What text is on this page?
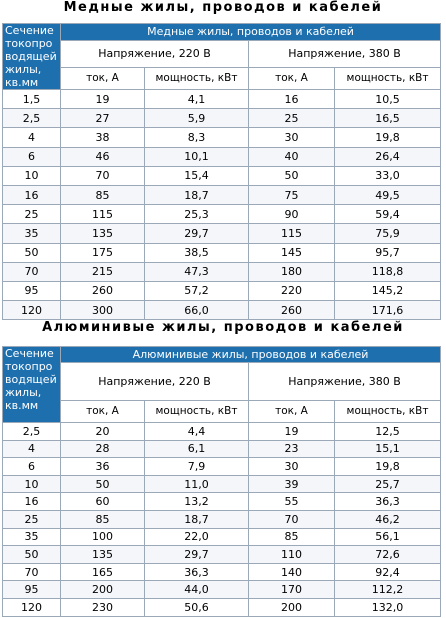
Медные жилы, проводов и кабелей
Сечение токопро водящей жилы, кв.мм	Медные жилы, проводов и кабелей			
	Напряжение, 220 В		Напряжение, 380 В	
	ток, А	мощность, кВт	ток, А	мощность, кВт
1,5	19	4,1	16	10,5
2,5	27	5,9	25	16,5
4	38	8,3	30	19,8
6	46	10,1	40	26,4
10	70	15,4	50	33,0
16	85	18,7	75	49,5
25	115	25,3	90	59,4
35	135	29,7	115	75,9
50	175	38,5	145	95,7
70	215	47,3	180	118,8
95	260	57,2	220	145,2
120	300	66,0	260	171,6
Алюминивые жилы, проводов и кабелей
Сечение токопро водящей жилы, кв.мм	Алюминивые жилы, проводов и кабелей			
	Напряжение, 220 В		Напряжение, 380 В	
	ток, А	мощность, кВт	ток, А	мощность, кВт
2,5	20	4,4	19	12,5
4	28	6,1	23	15,1
6	36	7,9	30	19,8
10	50	11,0	39	25,7
16	60	13,2	55	36,3
25	85	18,7	70	46,2
35	100	22,0	85	56,1
50	135	29,7	110	72,6
70	165	36,3	140	92,4
95	200	44,0	170	112,2
120	230	50,6	200	132,0
